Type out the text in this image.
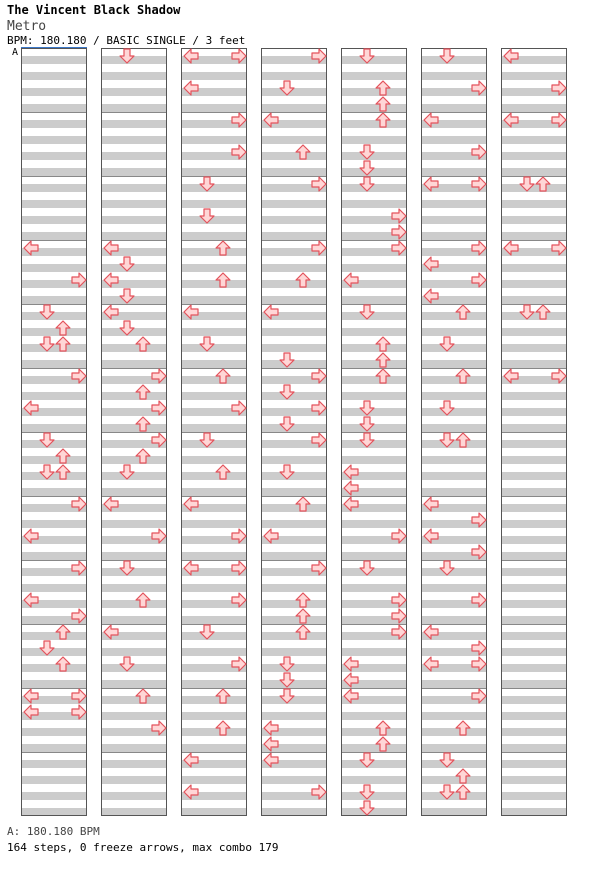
The Vincent Black Shadow
Metro
BPM: 180.180 / BASIC SINGLE / 3 feet
A
A: 180.180 BPM
164 steps, 0 freeze arrows, max combo 179
